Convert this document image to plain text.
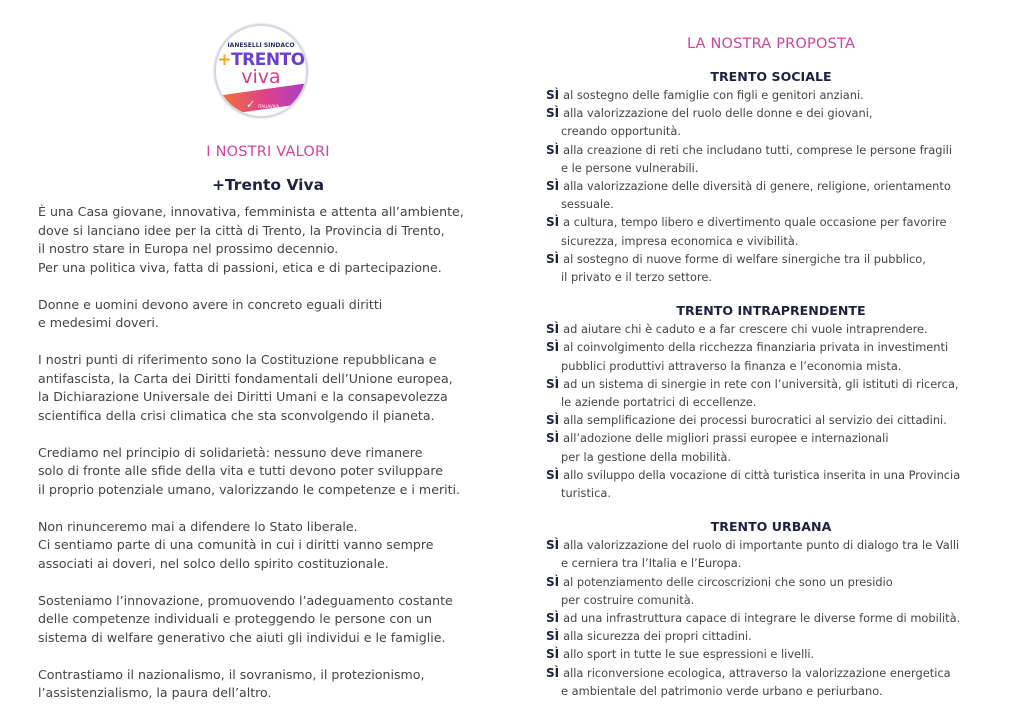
IANESELLI SINDACO
+TRENTO
viva
✓ ITALIAVIVA
I NOSTRI VALORI
+Trento Viva
È una Casa giovane, innovativa, femminista e attenta all’ambiente,
dove si lanciano idee per la città di Trento, la Provincia di Trento,
il nostro stare in Europa nel prossimo decennio.
Per una politica viva, fatta di passioni, etica e di partecipazione.
Donne e uomini devono avere in concreto eguali diritti
e medesimi doveri.
I nostri punti di riferimento sono la Costituzione repubblicana e
antifascista, la Carta dei Diritti fondamentali dell’Unione europea,
la Dichiarazione Universale dei Diritti Umani e la consapevolezza
scientifica della crisi climatica che sta sconvolgendo il pianeta.
Crediamo nel principio di solidarietà: nessuno deve rimanere
solo di fronte alle sfide della vita e tutti devono poter sviluppare
il proprio potenziale umano, valorizzando le competenze e i meriti.
Non rinunceremo mai a difendere lo Stato liberale.
Ci sentiamo parte di una comunità in cui i diritti vanno sempre
associati ai doveri, nel solco dello spirito costituzionale.
Sosteniamo l’innovazione, promuovendo l’adeguamento costante
delle competenze individuali e proteggendo le persone con un
sistema di welfare generativo che aiuti gli individui e le famiglie.
Contrastiamo il nazionalismo, il sovranismo, il protezionismo,
l’assistenzialismo, la paura dell’altro.
LA NOSTRA PROPOSTA
TRENTO SOCIALE
SÌ al sostegno delle famiglie con figli e genitori anziani.
SÌ alla valorizzazione del ruolo delle donne e dei giovani,
creando opportunità.
SÌ alla creazione di reti che includano tutti, comprese le persone fragili
e le persone vulnerabili.
SÌ alla valorizzazione delle diversità di genere, religione, orientamento
sessuale.
SÌ a cultura, tempo libero e divertimento quale occasione per favorire
sicurezza, impresa economica e vivibilità.
SÌ al sostegno di nuove forme di welfare sinergiche tra il pubblico,
il privato e il terzo settore.
TRENTO INTRAPRENDENTE
SÌ ad aiutare chi è caduto e a far crescere chi vuole intraprendere.
SÌ al coinvolgimento della ricchezza finanziaria privata in investimenti
pubblici produttivi attraverso la finanza e l’economia mista.
SÌ ad un sistema di sinergie in rete con l’università, gli istituti di ricerca,
le aziende portatrici di eccellenze.
SÌ alla semplificazione dei processi burocratici al servizio dei cittadini.
SÌ all’adozione delle migliori prassi europee e internazionali
per la gestione della mobilità.
SÌ allo sviluppo della vocazione di città turistica inserita in una Provincia
turistica.
TRENTO URBANA
SÌ alla valorizzazione del ruolo di importante punto di dialogo tra le Valli
e cerniera tra l’Italia e l’Europa.
SÌ al potenziamento delle circoscrizioni che sono un presidio
per costruire comunità.
SÌ ad una infrastruttura capace di integrare le diverse forme di mobilità.
SÌ alla sicurezza dei propri cittadini.
SÌ allo sport in tutte le sue espressioni e livelli.
SÌ alla riconversione ecologica, attraverso la valorizzazione energetica
e ambientale del patrimonio verde urbano e periurbano.
